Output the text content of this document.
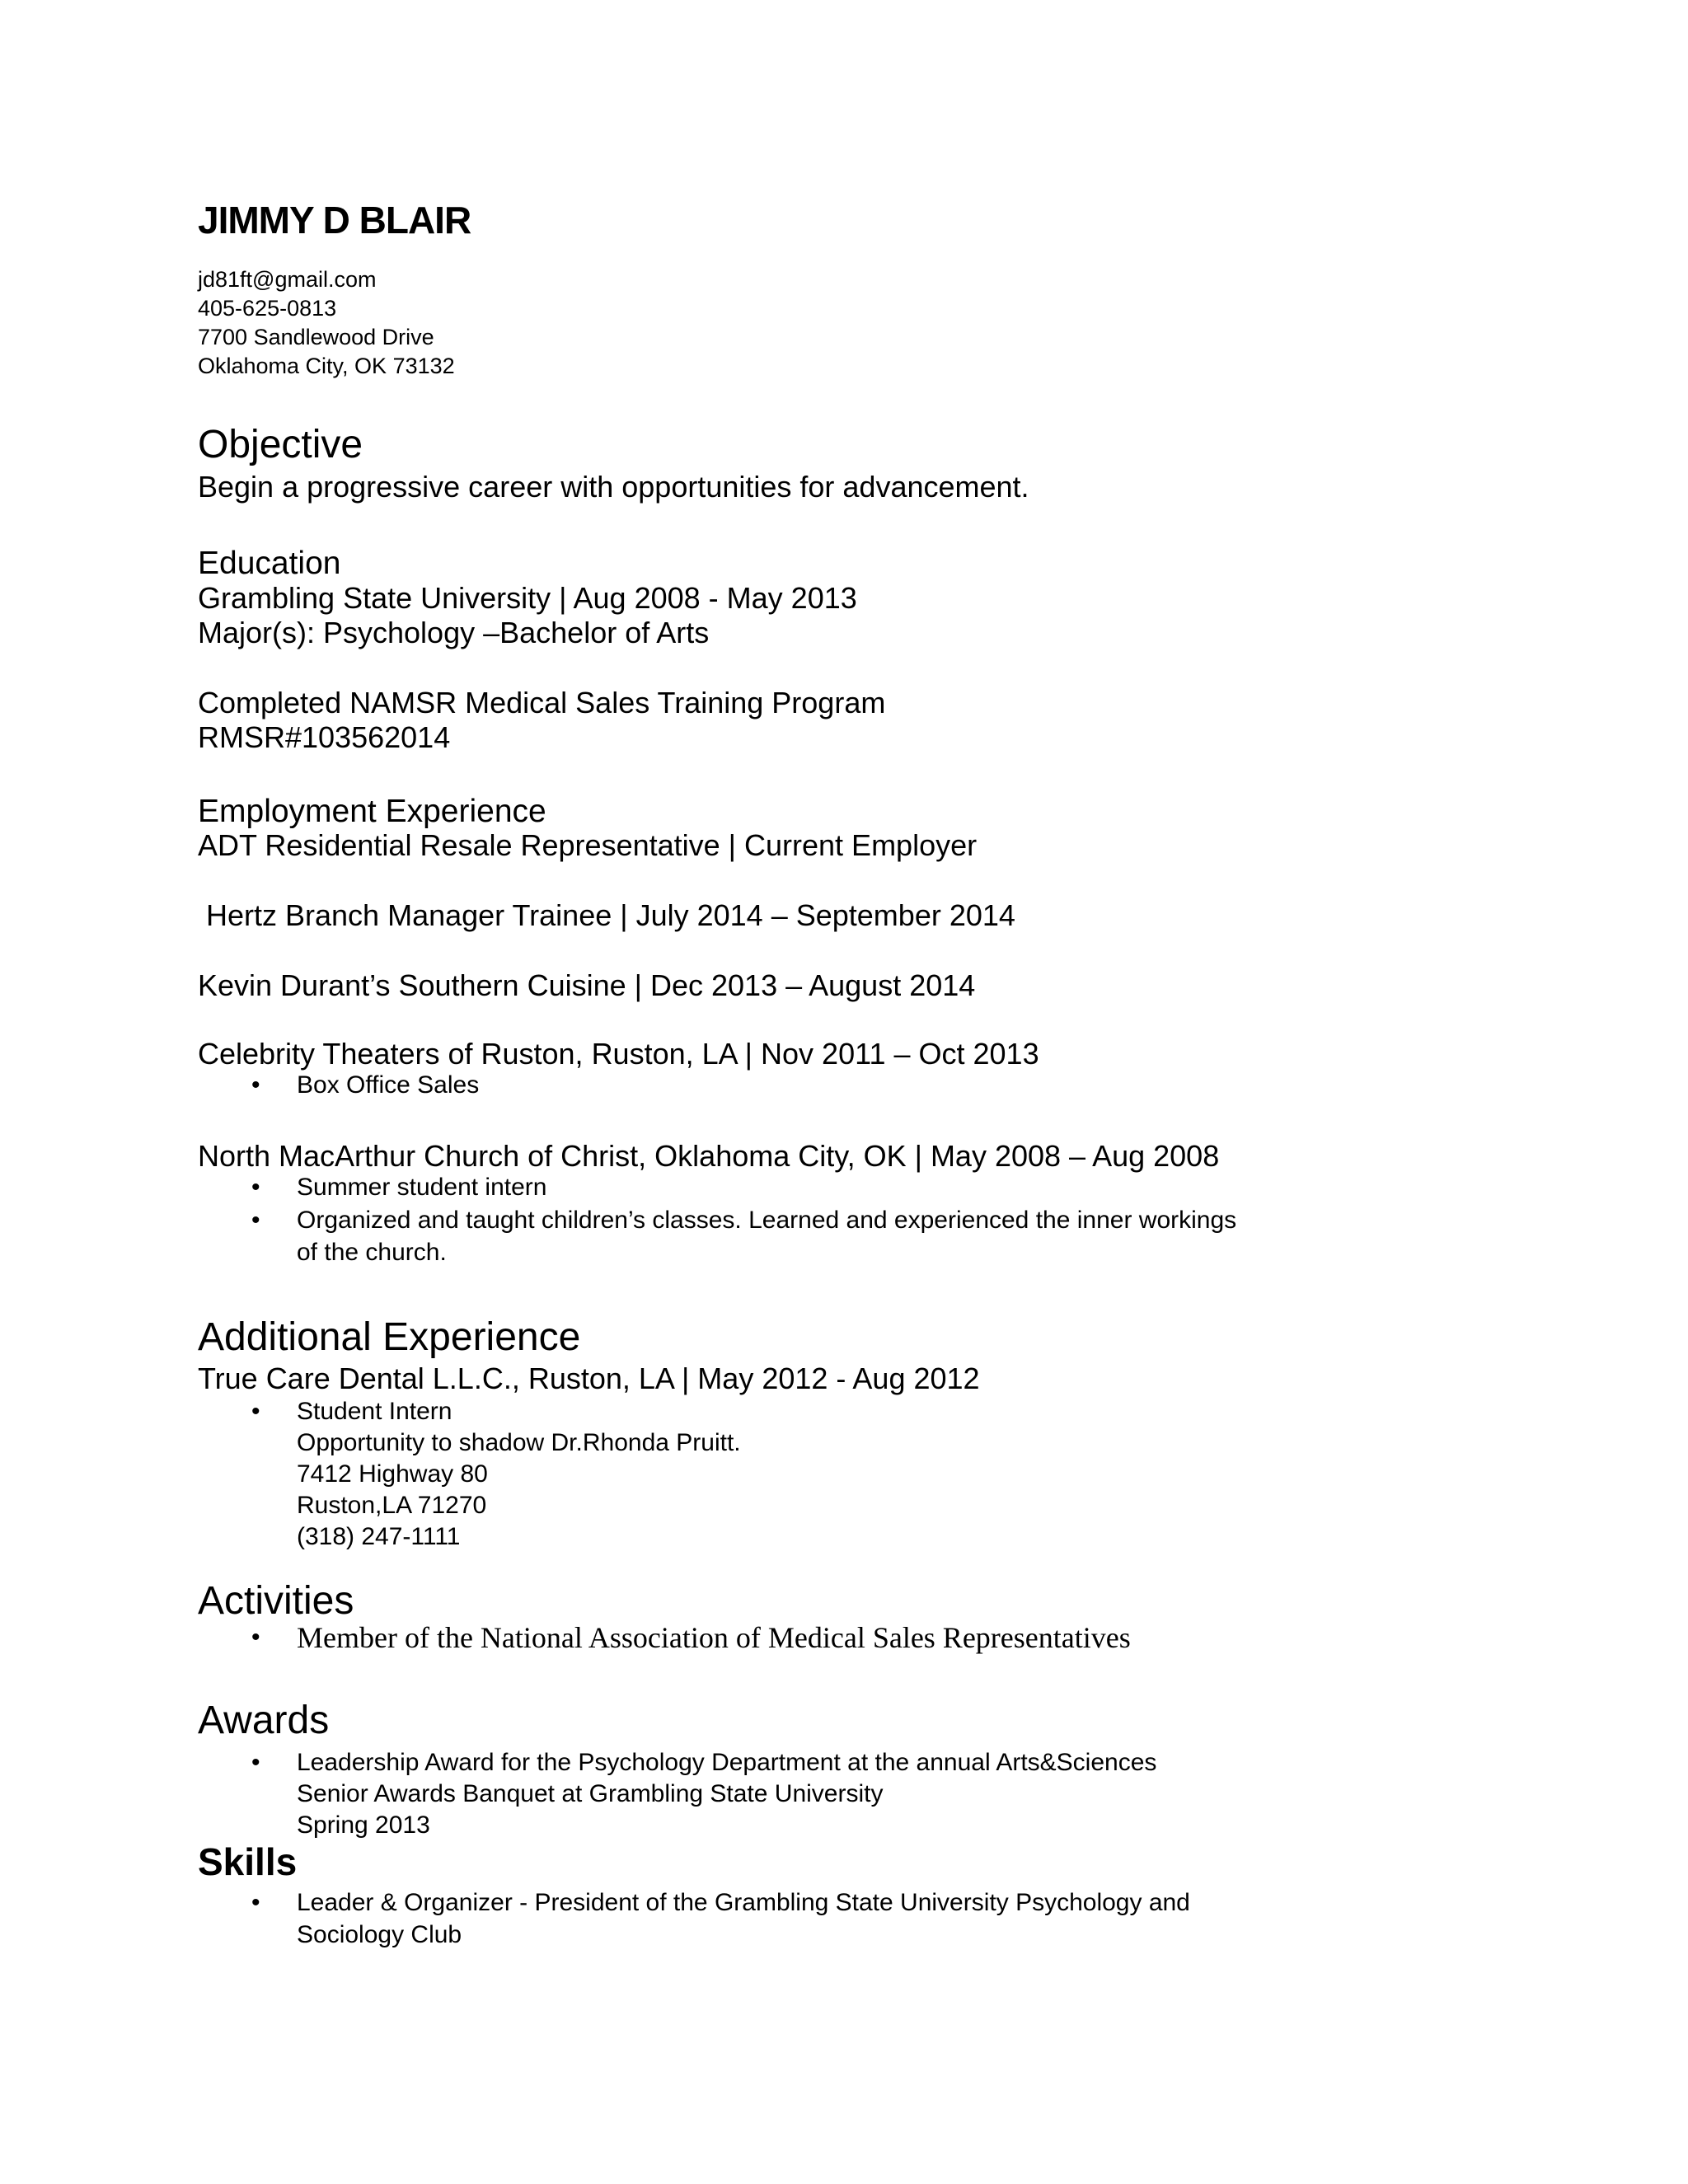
JIMMY D BLAIR
jd81ft@gmail.com
405-625-0813
7700 Sandlewood Drive
Oklahoma City, OK 73132
Objective
Begin a progressive career with opportunities for advancement.
Education
Grambling State University | Aug 2008 - May 2013
Major(s): Psychology –Bachelor of Arts
Completed NAMSR Medical Sales Training Program
RMSR#103562014
Employment Experience
ADT Residential Resale Representative | Current Employer
Hertz Branch Manager Trainee | July 2014 – September 2014
Kevin Durant’s Southern Cuisine | Dec 2013 – August 2014
Celebrity Theaters of Ruston, Ruston, LA | Nov 2011 – Oct 2013
• Box Office Sales
North MacArthur Church of Christ, Oklahoma City, OK | May 2008 – Aug 2008
• Summer student intern
• Organized and taught children’s classes. Learned and experienced the inner workings
of the church.
Additional Experience
True Care Dental L.L.C., Ruston, LA | May 2012 - Aug 2012
• Student Intern
Opportunity to shadow Dr.Rhonda Pruitt.
7412 Highway 80
Ruston,LA 71270
(318) 247-1111
Activities
• Member of the National Association of Medical Sales Representatives
Awards
• Leadership Award for the Psychology Department at the annual Arts&Sciences
Senior Awards Banquet at Grambling State University
Spring 2013
Skills
• Leader & Organizer - President of the Grambling State University Psychology and
Sociology Club
